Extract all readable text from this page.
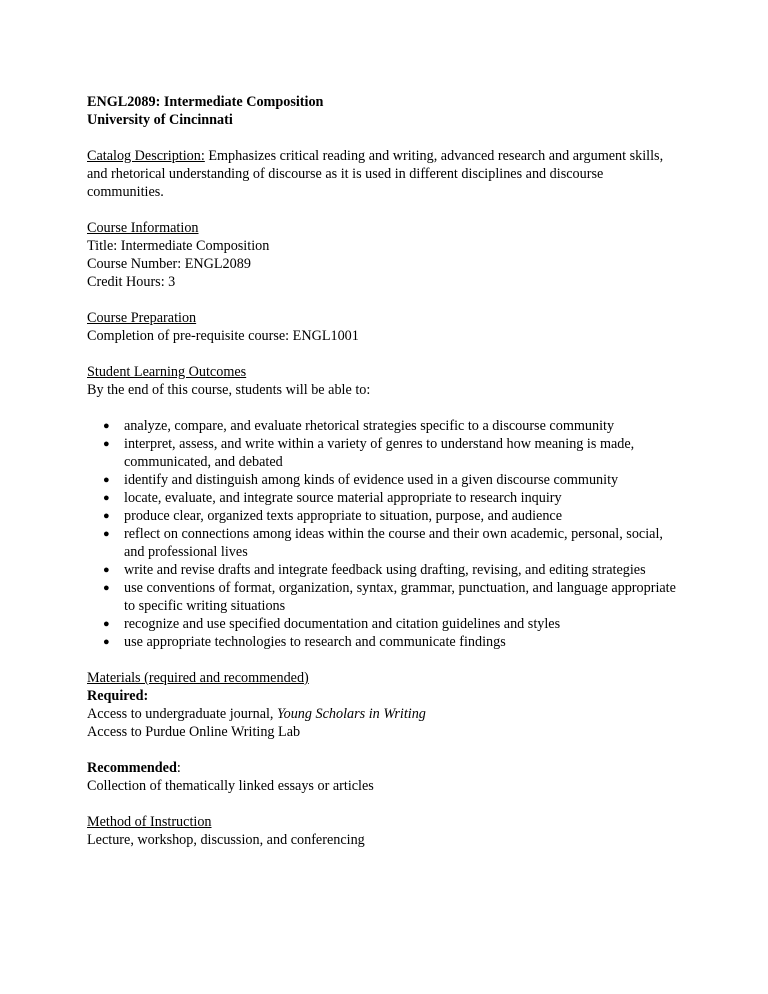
ENGL2089: Intermediate Composition
University of Cincinnati
Catalog Description: Emphasizes critical reading and writing, advanced research and argument skills, and rhetorical understanding of discourse as it is used in different disciplines and discourse communities.
Course Information
Title: Intermediate Composition
Course Number: ENGL2089
Credit Hours: 3
Course Preparation
Completion of pre-requisite course: ENGL1001
Student Learning Outcomes
By the end of this course, students will be able to:
● analyze, compare, and evaluate rhetorical strategies specific to a discourse community
● interpret, assess, and write within a variety of genres to understand how meaning is made, communicated, and debated
● identify and distinguish among kinds of evidence used in a given discourse community
● locate, evaluate, and integrate source material appropriate to research inquiry
● produce clear, organized texts appropriate to situation, purpose, and audience
● reflect on connections among ideas within the course and their own academic, personal, social, and professional lives
● write and revise drafts and integrate feedback using drafting, revising, and editing strategies
● use conventions of format, organization, syntax, grammar, punctuation, and language appropriate to specific writing situations
● recognize and use specified documentation and citation guidelines and styles
● use appropriate technologies to research and communicate findings
Materials (required and recommended)
Required:
Access to undergraduate journal, Young Scholars in Writing
Access to Purdue Online Writing Lab
Recommended:
Collection of thematically linked essays or articles
Method of Instruction
Lecture, workshop, discussion, and conferencing
